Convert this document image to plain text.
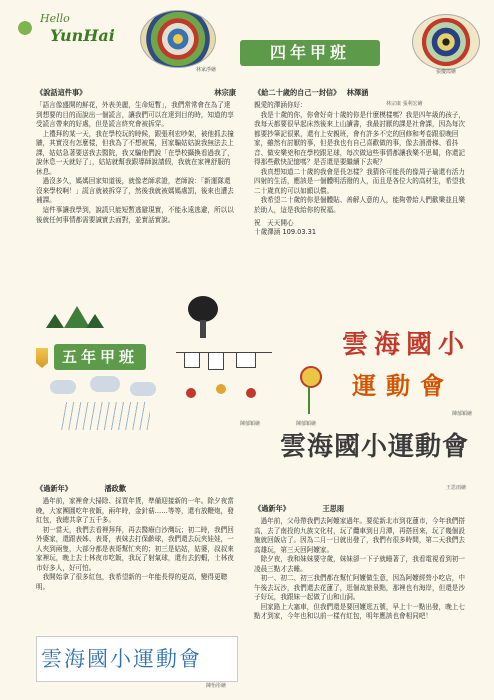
Hello
YunHai
林家淨繪
四年甲班
張優霞繪
《說話這件事》	林宗康
「語言像盛開的鮮花，外表美麗，生命短暫」，我們常常會在為了達到想要的目的而說出一個謊言，讓我們可以在達到目的時，知道的享受謊言帶來的好處，但是謊言終究會被拆穿。
　上禮拜的某一天，我在學校玩的時候，跟張利宏吵架，被他抓去撞牆，其實沒有怎麼樣，但我為了不想被罵，回家騙姑姑說我無法去上課，姑姑急著要送我去醫院，我又騙他們說「在學校攝換看過我了，說休息一天就好了」，姑姑就幫我跟導師說請假，我就在家裡舒服的休息。
　過沒多久，媽媽回家知道後，就像老師求證，老師說：「新運隊還沒來學校啊！」謊言就被拆穿了，然後我就被媽媽處罰，後來也遭去補課。
　這件事讓我學到，說謊只能短暫逃避現實，不能永遠逃避，所以以後就任何事情都需要誠實去面對，並實話實說。
《給二十歲的自己一封信》 林澤涵
親愛的澤涵你好：
　我是十歲的你，你會好奇十歲的你是什麼模樣嗎？我是四年級的孩子，我每天都要很早起床然後來上山讀書，我最討厭的課是社會課，因為每次都要抄筆記很累，還有上安親班，會有許多不完的回修和考卷跟很晚回家，雖然有討厭的事，但是我也有自己喜歡做的事，像去溜滑梯、看抖音、做安樂兇和在學校跟足球，每次做這些事情都讓我樂不思蜀，你還記得那些歡快記憶嗎？是否還是要繼續下去呢？
　我真想知道二十歲的我會是長怎樣？我猜你可能長的像周子瑜還有活力四射的生活，應該是一個體明活潑的人，而且是各位大的高材生，希望我二十歲真的可以如願以償。
　我希望二十歲的你是個體貼、善解人意的人，能夠帶給人們歡樂並且樂於助人，這是我給你的祝福。
祝　天天開心
十歲澤涵 109.03.31
林宗康 張利宏繪
五年甲班
陳郁穎繪	陳郁穎繪
雲海國小
運動會
陳郁穎繪
雲海國小運動會
王思雨繪
《過新年》	潘政歡
　過年前，家裡會大掃除、採買年貨，準備迎接新的一年。除夕夜當晚，大家團圓吃年夜飯，兩年時，金針菇……等等，還有放鞭炮，發紅包，我總共拿了五千多。
　初一當天，我們去看裡拜拜，再去醫療白沙灣玩；初二時，我們回外婆家，還跟表姊、表哥，表妹去打保齡球，我們還去玩夾娃娃，一人夾到兩隻，大部分都是表哥幫忙夾的；初三是姑姑，姑婆，叔叔來家裡玩，晚上去士林夜市吃飯，我玩了射氣球，還有去釣蝦，士林夜市好多人，好可怕。
　我開始拿了很多紅包，我希望新的一年能長得的更高，變得更聰明。
《過新年》	王思雨
　過年前，父母帶我們去阿嬤家過年。要從新北市到花蓮市，今年我們搭高，去了南投的九族文化村，玩了纜車到日月潭，再搭回來，玩了幾個設施就回飯店了。因為二月一日就出發了，我們有很多時間，第二天我們去高雄玩，第三天回阿嬤家。
　除夕夜，我和妹妹要守歲，妹妹卻一下子就睡著了，我看電視看到初一凌晨三點才去睡。
　初一、初二、初三我們都在幫忙阿嬤做生意，因為阿嬤經營小吃店，中午後去玩沙，我們還去花蓮了，逛個故旅景點，那裡也有海岸，但還是沙子好玩，我跟妹一起做了山和山洞。
　回家路上大塞車，但我們還是要回嬤逛五號，早上十一點出發，晚上七點才到家，今年也和以前一樣有紅包，明年應該也會相同吧！
雲海國小運動會
陳怡彤繪
